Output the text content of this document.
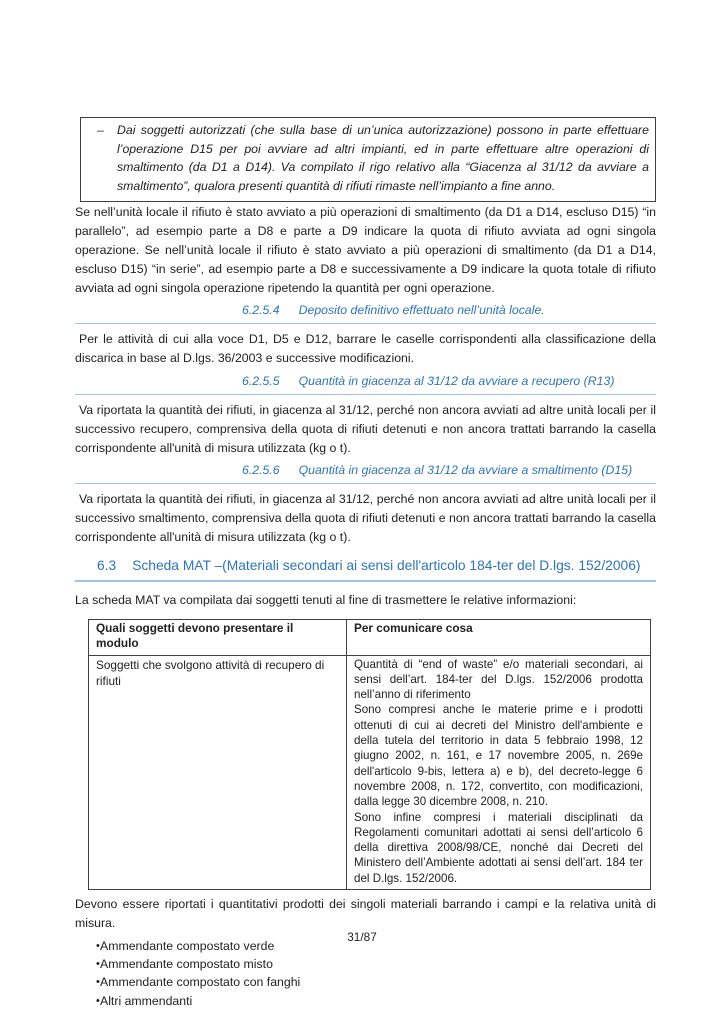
–	Dai soggetti autorizzati (che sulla base di un’unica autorizzazione) possono in parte effettuare l’operazione D15 per poi avviare ad altri impianti, ed in parte effettuare altre operazioni di smaltimento (da D1 a D14). Va compilato il rigo relativo alla “Giacenza al 31/12 da avviare a smaltimento”, qualora presenti quantità di rifiuti rimaste nell’impianto a fine anno.

Se nell’unità locale il rifiuto è stato avviato a più operazioni di smaltimento (da D1 a D14, escluso D15) “in parallelo”, ad esempio parte a D8 e parte a D9 indicare la quota di rifiuto avviata ad ogni singola operazione. Se nell’unità locale il rifiuto è stato avviato a più operazioni di smaltimento (da D1 a D14, escluso D15) “in serie”, ad esempio parte a D8 e successivamente a D9 indicare la quota totale di rifiuto avviata ad ogni singola operazione ripetendo la quantità per ogni operazione.

6.2.5.4 Deposito definitivo effettuato nell’unità locale.

Per le attività di cui alla voce D1, D5 e D12, barrare le caselle corrispondenti alla classificazione della discarica in base al D.lgs. 36/2003 e successive modificazioni.

6.2.5.5 Quantità in giacenza al 31/12 da avviare a recupero (R13)

Va riportata la quantità dei rifiuti, in giacenza al 31/12, perché non ancora avviati ad altre unità locali per il successivo recupero, comprensiva della quota di rifiuti detenuti e non ancora trattati barrando la casella corrispondente all'unità di misura utilizzata (kg o t).

6.2.5.6 Quantità in giacenza al 31/12 da avviare a smaltimento (D15)

Va riportata la quantità dei rifiuti, in giacenza al 31/12, perché non ancora avviati ad altre unità locali per il successivo smaltimento, comprensiva della quota di rifiuti detenuti e non ancora trattati barrando la casella corrispondente all'unità di misura utilizzata (kg o t).

6.3 Scheda MAT –(Materiali secondari ai sensi dell'articolo 184-ter del D.lgs. 152/2006)

La scheda MAT va compilata dai soggetti tenuti al fine di trasmettere le relative informazioni:

Quali soggetti devono presentare il modulo	Per comunicare cosa
Soggetti che svolgono attività di recupero di rifiuti	Quantità di “end of waste” e/o materiali secondari, ai sensi dell’art. 184-ter del D.lgs. 152/2006 prodotta nell’anno di riferimento

Sono compresi anche le materie prime e i prodotti ottenuti di cui ai decreti del Ministro dell'ambiente e della tutela del territorio in data 5 febbraio 1998, 12 giugno 2002, n. 161, e 17 novembre 2005, n. 269e dell'articolo 9-bis, lettera a) e b), del decreto-legge 6 novembre 2008, n. 172, convertito, con modificazioni, dalla legge 30 dicembre 2008, n. 210.

Sono infine compresi i materiali disciplinati da Regolamenti comunitari adottati ai sensi dell’articolo 6 della direttiva 2008/98/CE, nonché dai Decreti del Ministero dell’Ambiente adottati ai sensi dell’art. 184 ter del D.lgs. 152/2006.

Devono essere riportati i quantitativi prodotti dei singoli materiali barrando i campi e la relativa unità di misura.

• Ammendante compostato verde
• Ammendante compostato misto
• Ammendante compostato con fanghi
• Altri ammendanti
31/87
